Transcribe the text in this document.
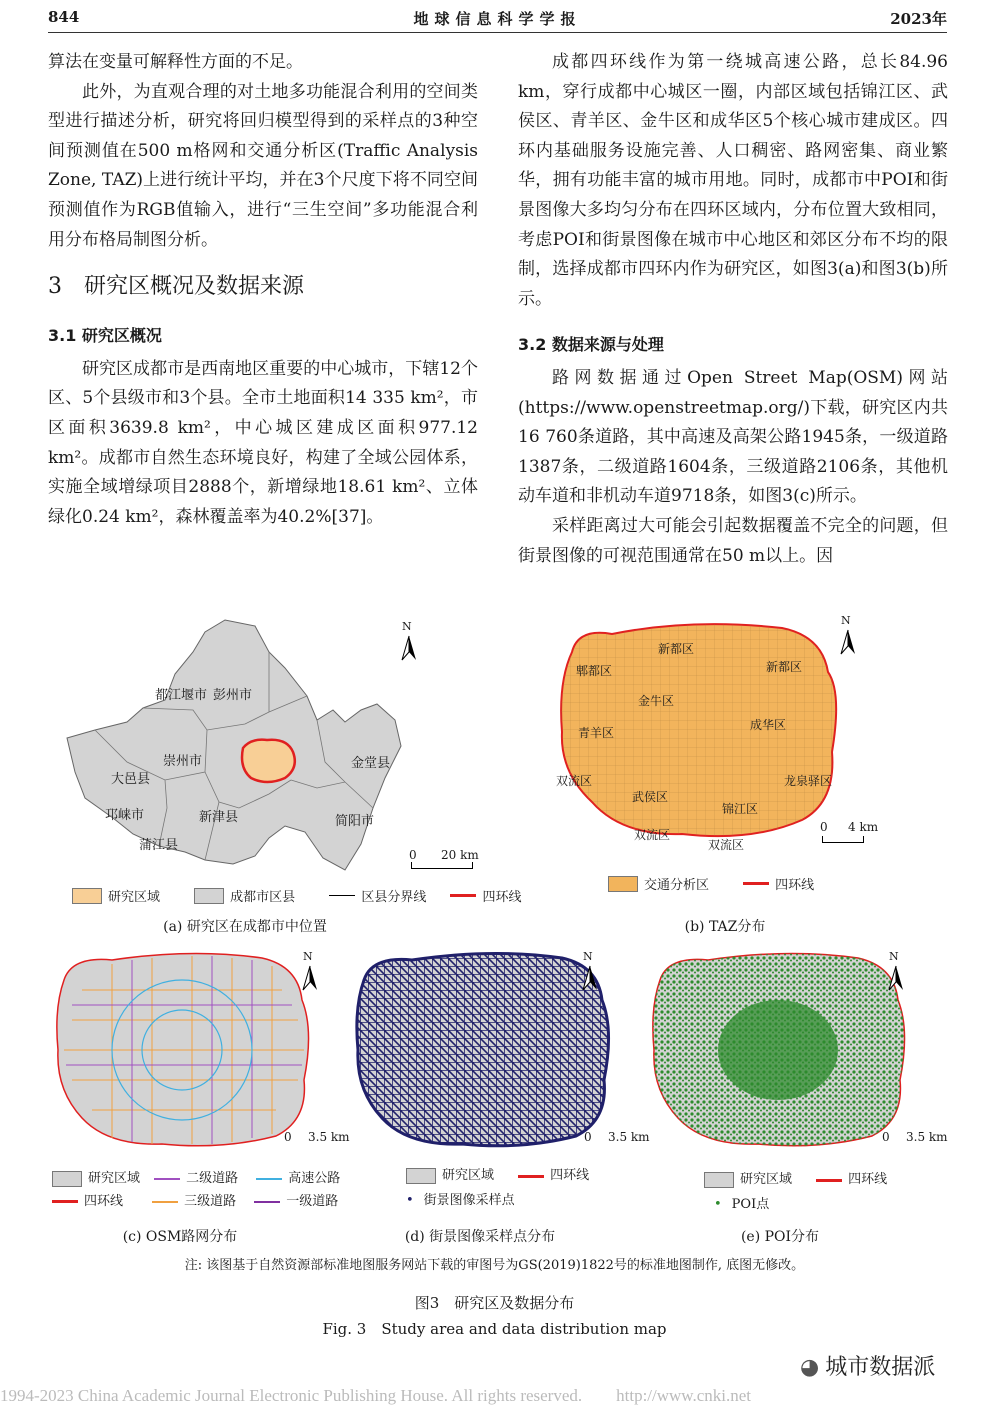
844	地球信息科学学报	2023年

算法在变量可解释性方面的不足。

此外，为直观合理的对土地多功能混合利用的空间类型进行描述分析，研究将回归模型得到的采样点的3种空间预测值在500 m格网和交通分析区(Traffic Analysis Zone, TAZ)上进行统计平均，并在3个尺度下将不同空间预测值作为RGB值输入，进行“三生空间”多功能混合利用分布格局制图分析。

3　研究区概况及数据来源
3.1 研究区概况

研究区成都市是西南地区重要的中心城市，下辖12个区、5个县级市和3个县。全市土地面积14 335 km²，市区面积3639.8 km²，中心城区建成区面积977.12 km²。成都市自然生态环境良好，构建了全域公园体系，实施全域增绿项目2888个，新增绿地18.61 km²、立体绿化0.24 km²，森林覆盖率为40.2%[37]。

成都四环线作为第一绕城高速公路，总长84.96 km，穿行成都中心城区一圈，内部区域包括锦江区、武侯区、青羊区、金牛区和成华区5个核心城市建成区。四环内基础服务设施完善、人口稠密、路网密集、商业繁华，拥有功能丰富的城市用地。同时，成都市中POI和街景图像大多均匀分布在四环区域内，分布位置大致相同，考虑POI和街景图像在城市中心地区和郊区分布不均的限制，选择成都市四环内作为研究区，如图3(a)和图3(b)所示。

3.2 数据来源与处理

路网数据通过Open Street Map(OSM)网站(https://www.openstreetmap.org/)下载，研究区内共16 760条道路，其中高速及高架公路1945条，一级道路1387条，二级道路1604条，三级道路2106条，其他机动车道和非机动车道9718条，如图3(c)所示。

采样距离过大可能会引起数据覆盖不完全的问题，但街景图像的可视范围通常在50 m以上。因

都江堰市 彭州市
崇州市
大邑县
金堂县
邛崃市	新津县	简阳市
蒲江县
N
0 20 km
研究区域	成都市区县	区县分界线	四环线
(a) 研究区在成都市中位置
新都区
郫都区	新都区
金牛区
成华区
青羊区
双流区	龙泉驿区
武侯区
锦江区
双流区
双流区
N
0 4 km
交通分析区	四环线
(b) TAZ分布
N
0 3.5 km
研究区域	二级道路	高速公路
四环线	三级道路	一级道路
(c) OSM路网分布
N
0 3.5 km
研究区域	四环线
• 街景图像采样点
(d) 街景图像采样点分布
N
0 3.5 km
研究区域	四环线
• POI点
(e) POI分布
注: 该图基于自然资源部标准地图服务网站下载的审图号为GS(2019)1822号的标准地图制作, 底图无修改。
图3　研究区及数据分布
Fig. 3　Study area and data distribution map
◕ 城市数据派
1994-2023 China Academic Journal Electronic Publishing House. All rights reserved.　　http://www.cnki.net
